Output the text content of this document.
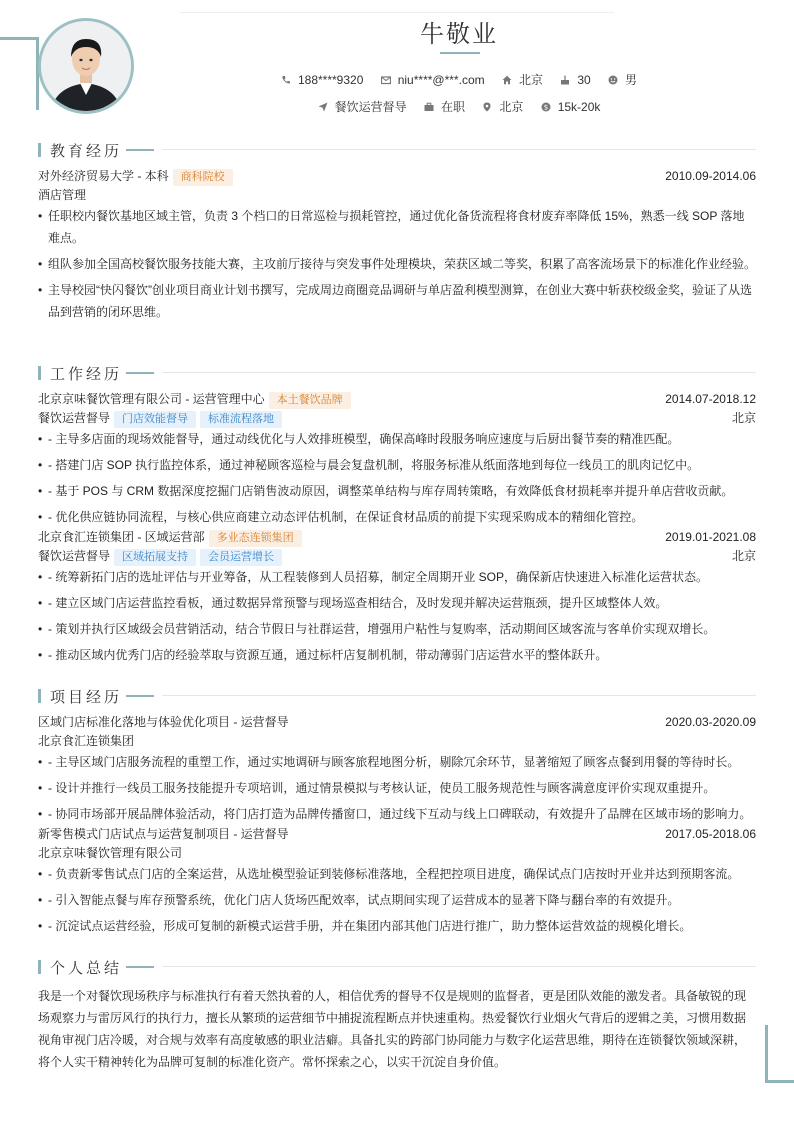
牛敬业
188****9320	niu****@***.com	北京	30	男
餐饮运营督导	在职	北京	$ 15k-20k
教育经历
对外经济贸易大学 - 本科 商科院校	2010.09-2014.06
酒店管理
• 任职校内餐饮基地区域主管，负责 3 个档口的日常巡检与损耗管控，通过优化备货流程将食材废弃率降低 15%，熟悉一线 SOP 落地难点。
• 组队参加全国高校餐饮服务技能大赛，主攻前厅接待与突发事件处理模块，荣获区域二等奖，积累了高客流场景下的标准化作业经验。
• 主导校园“快闪餐饮”创业项目商业计划书撰写，完成周边商圈竞品调研与单店盈利模型测算，在创业大赛中斩获校级金奖，验证了从选品到营销的闭环思维。
工作经历
北京京味餐饮管理有限公司 - 运营管理中心 本土餐饮品牌	2014.07-2018.12
餐饮运营督导 门店效能督导 标准流程落地	北京
• - 主导多店面的现场效能督导，通过动线优化与人效排班模型，确保高峰时段服务响应速度与后厨出餐节奏的精准匹配。
• - 搭建门店 SOP 执行监控体系，通过神秘顾客巡检与晨会复盘机制，将服务标准从纸面落地到每位一线员工的肌肉记忆中。
• - 基于 POS 与 CRM 数据深度挖掘门店销售波动原因，调整菜单结构与库存周转策略，有效降低食材损耗率并提升单店营收贡献。
• - 优化供应链协同流程，与核心供应商建立动态评估机制，在保证食材品质的前提下实现采购成本的精细化管控。
北京食汇连锁集团 - 区域运营部 多业态连锁集团	2019.01-2021.08
餐饮运营督导 区域拓展支持 会员运营增长	北京
• - 统筹新拓门店的选址评估与开业筹备，从工程装修到人员招募，制定全周期开业 SOP，确保新店快速进入标准化运营状态。
• - 建立区域门店运营监控看板，通过数据异常预警与现场巡查相结合，及时发现并解决运营瓶颈，提升区域整体人效。
• - 策划并执行区域级会员营销活动，结合节假日与社群运营，增强用户粘性与复购率，活动期间区域客流与客单价实现双增长。
• - 推动区域内优秀门店的经验萃取与资源互通，通过标杆店复制机制，带动薄弱门店运营水平的整体跃升。
项目经历
区域门店标准化落地与体验优化项目 - 运营督导	2020.03-2020.09
北京食汇连锁集团
• - 主导区域门店服务流程的重塑工作，通过实地调研与顾客旅程地图分析，剔除冗余环节，显著缩短了顾客点餐到用餐的等待时长。
• - 设计并推行一线员工服务技能提升专项培训，通过情景模拟与考核认证，使员工服务规范性与顾客满意度评价实现双重提升。
• - 协同市场部开展品牌体验活动，将门店打造为品牌传播窗口，通过线下互动与线上口碑联动，有效提升了品牌在区域市场的影响力。
新零售模式门店试点与运营复制项目 - 运营督导	2017.05-2018.06
北京京味餐饮管理有限公司
• - 负责新零售试点门店的全案运营，从选址模型验证到装修标准落地，全程把控项目进度，确保试点门店按时开业并达到预期客流。
• - 引入智能点餐与库存预警系统，优化门店人货场匹配效率，试点期间实现了运营成本的显著下降与翻台率的有效提升。
• - 沉淀试点运营经验，形成可复制的新模式运营手册，并在集团内部其他门店进行推广，助力整体运营效益的规模化增长。
个人总结
我是一个对餐饮现场秩序与标准执行有着天然执着的人，相信优秀的督导不仅是规则的监督者，更是团队效能的激发者。具备敏锐的现场观察力与雷厉风行的执行力，擅长从繁琐的运营细节中捕捉流程断点并快速重构。热爱餐饮行业烟火气背后的逻辑之美，习惯用数据视角审视门店冷暖，对合规与效率有高度敏感的职业洁癖。具备扎实的跨部门协同能力与数字化运营思维，期待在连锁餐饮领域深耕，将个人实干精神转化为品牌可复制的标准化资产。常怀探索之心，以实干沉淀自身价值。
